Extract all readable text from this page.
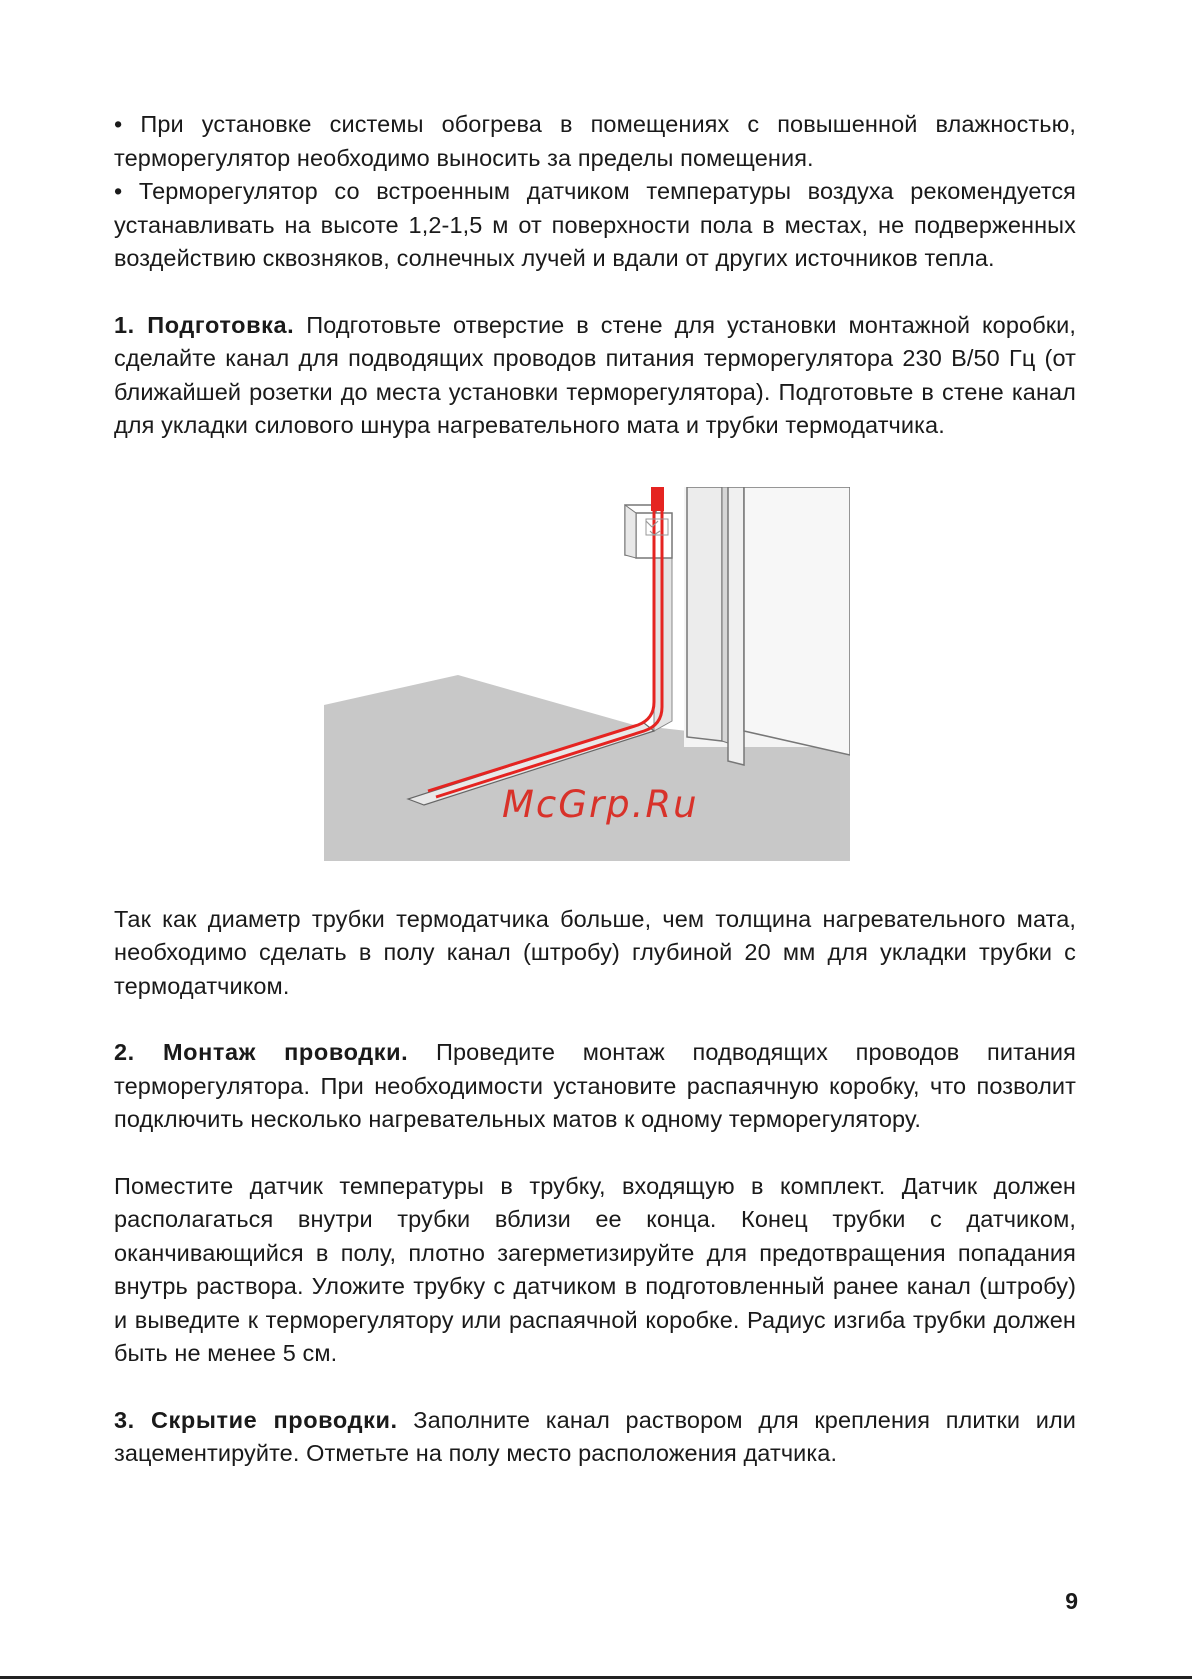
• При установке системы обогрева в помещениях с повышенной влажностью, терморегулятор необходимо выносить за пределы помещения.

• Терморегулятор со встроенным датчиком температуры воздуха рекомендуется устанавливать на высоте 1,2-1,5 м от поверхности пола в местах, не подверженных воздействию сквозняков, солнечных лучей и вдали от других источников тепла.

1. Подготовка. Подготовьте отверстие в стене для установки монтажной коробки, сделайте канал для подводящих проводов питания терморегулятора 230 В/50 Гц (от ближайшей розетки до места установки терморегулятора). Подготовьте в стене канал для укладки силового шнура нагревательного мата и трубки термодатчика.

McGrp.Ru

Так как диаметр трубки термодатчика больше, чем толщина нагревательного мата, необходимо сделать в полу канал (штробу) глубиной 20 мм для укладки трубки с термодатчиком.

2. Монтаж проводки. Проведите монтаж подводящих проводов питания терморегулятора. При необходимости установите распаячную коробку, что позволит подключить несколько нагревательных матов к одному терморегулятору.

Поместите датчик температуры в трубку, входящую в комплект. Датчик должен располагаться внутри трубки вблизи ее конца. Конец трубки с датчиком, оканчивающийся в полу, плотно загерметизируйте для предотвращения попадания внутрь раствора. Уложите трубку с датчиком в подготовленный ранее канал (штробу) и выведите к терморегулятору или распаячной коробке. Радиус изгиба трубки должен быть не менее 5 см.

3. Скрытие проводки. Заполните канал раствором для крепления плитки или зацементируйте. Отметьте на полу место расположения датчика.

9
